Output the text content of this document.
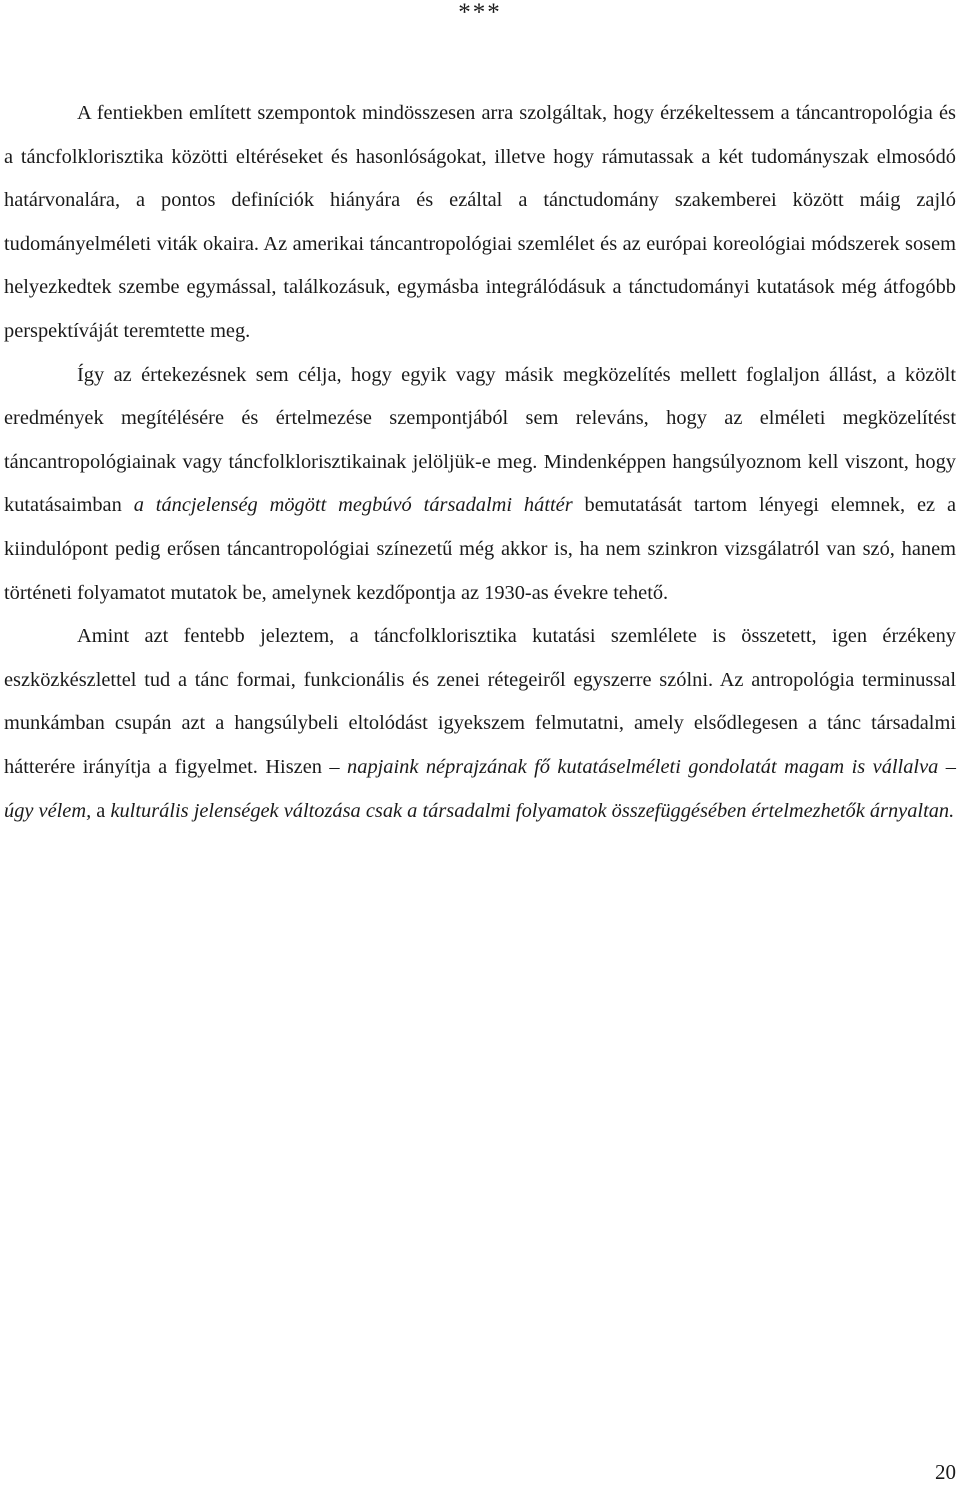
***

A fentiekben említett szempontok mindösszesen arra szolgáltak, hogy érzékeltessem a táncantropológia és a táncfolklorisztika közötti eltéréseket és hasonlóságokat, illetve hogy rámutassak a két tudományszak elmosódó határvonalára, a pontos definíciók hiányára és ezáltal a tánctudomány szakemberei között máig zajló tudományelméleti viták okaira. Az amerikai táncantropológiai szemlélet és az európai koreológiai módszerek sosem helyezkedtek szembe egymással, találkozásuk, egymásba integrálódásuk a tánctudományi kutatások még átfogóbb perspektíváját teremtette meg.

Így az értekezésnek sem célja, hogy egyik vagy másik megközelítés mellett foglaljon állást, a közölt eredmények megítélésére és értelmezése szempontjából sem releváns, hogy az elméleti megközelítést táncantropológiainak vagy táncfolklorisztikainak jelöljük-e meg. Mindenképpen hangsúlyoznom kell viszont, hogy kutatásaimban a táncjelenség mögött megbúvó társadalmi háttér bemutatását tartom lényegi elemnek, ez a kiindulópont pedig erősen táncantropológiai színezetű még akkor is, ha nem szinkron vizsgálatról van szó, hanem történeti folyamatot mutatok be, amelynek kezdőpontja az 1930-as évekre tehető.

Amint azt fentebb jeleztem, a táncfolklorisztika kutatási szemlélete is összetett, igen érzékeny eszközkészlettel tud a tánc formai, funkcionális és zenei rétegeiről egyszerre szólni. Az antropológia terminussal munkámban csupán azt a hangsúlybeli eltolódást igyekszem felmutatni, amely elsődlegesen a tánc társadalmi hátterére irányítja a figyelmet. Hiszen – napjaink néprajzának fő kutatáselméleti gondolatát magam is vállalva – úgy vélem, a kulturális jelenségek változása csak a társadalmi folyamatok összefüggésében értelmezhetők árnyaltan.

20
